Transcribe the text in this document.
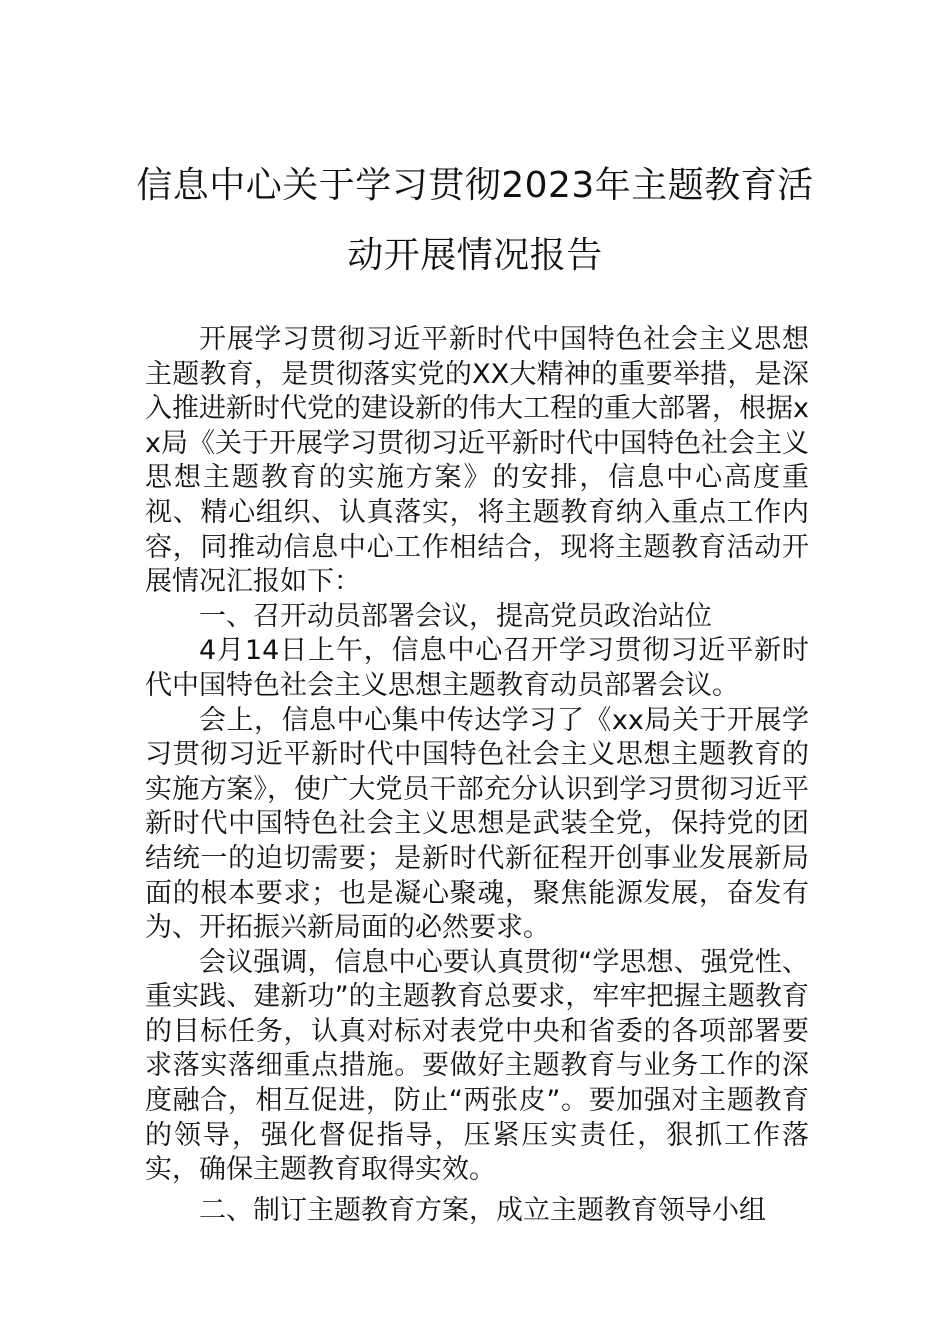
信息中心关于学习贯彻2023年主题教育活
动开展情况报告

开展学习贯彻习近平新时代中国特色社会主义思想主题教育，是贯彻落实党的XX大精神的重要举措，是深入推进新时代党的建设新的伟大工程的重大部署，根据xx局《关于开展学习贯彻习近平新时代中国特色社会主义思想主题教育的实施方案》的安排，信息中心高度重视、精心组织、认真落实，将主题教育纳入重点工作内容，同推动信息中心工作相结合，现将主题教育活动开展情况汇报如下：

一、召开动员部署会议，提高党员政治站位

4月14日上午，信息中心召开学习贯彻习近平新时代中国特色社会主义思想主题教育动员部署会议。

会上，信息中心集中传达学习了《xx局关于开展学习贯彻习近平新时代中国特色社会主义思想主题教育的实施方案》，使广大党员干部充分认识到学习贯彻习近平新时代中国特色社会主义思想是武装全党，保持党的团结统一的迫切需要；是新时代新征程开创事业发展新局面的根本要求；也是凝心聚魂，聚焦能源发展，奋发有为、开拓振兴新局面的必然要求。

会议强调，信息中心要认真贯彻“学思想、强党性、重实践、建新功”的主题教育总要求，牢牢把握主题教育的目标任务，认真对标对表党中央和省委的各项部署要求落实落细重点措施。要做好主题教育与业务工作的深度融合，相互促进，防止“两张皮”。要加强对主题教育的领导，强化督促指导，压紧压实责任，狠抓工作落实，确保主题教育取得实效。

二、制订主题教育方案，成立主题教育领导小组
